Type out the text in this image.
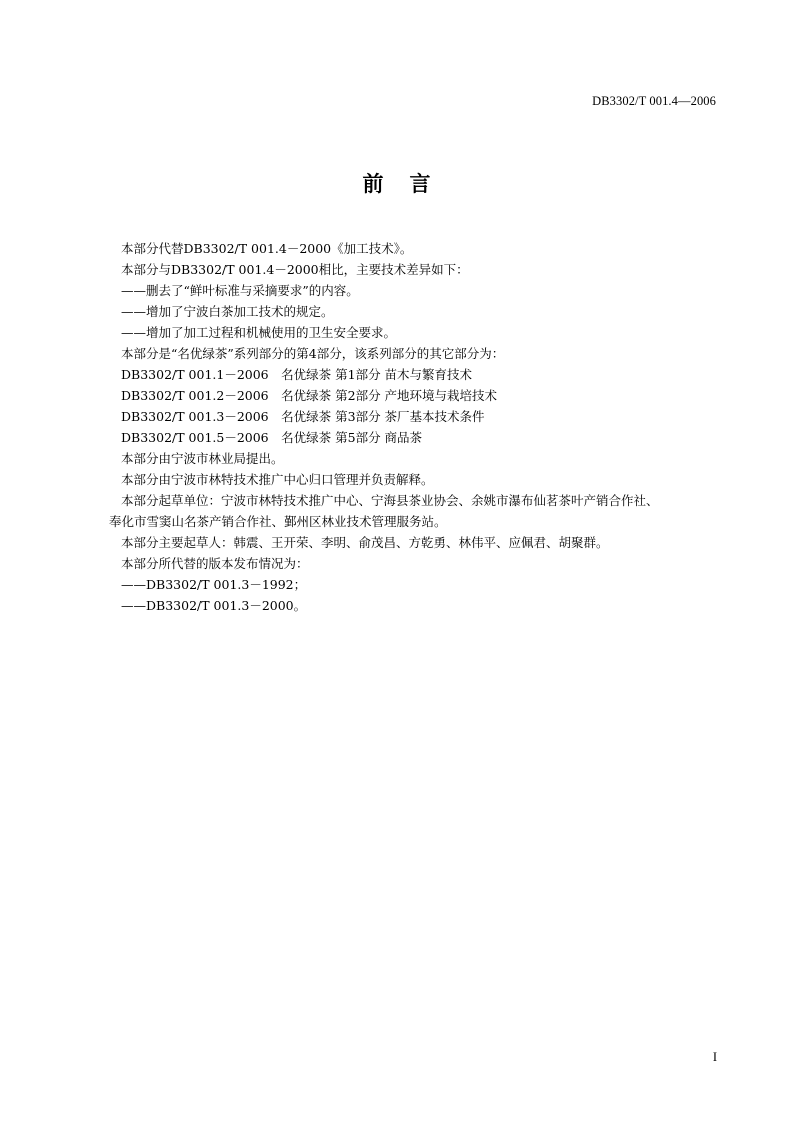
DB3302/T 001.4—2006
前言
本部分代替DB3302/T 001.4－2000《加工技术》。
本部分与DB3302/T 001.4－2000相比，主要技术差异如下：
——删去了“鲜叶标准与采摘要求”的内容。
——增加了宁波白茶加工技术的规定。
——增加了加工过程和机械使用的卫生安全要求。
本部分是“名优绿茶”系列部分的第4部分，该系列部分的其它部分为：
DB3302/T 001.1－2006　名优绿茶 第1部分 苗木与繁育技术
DB3302/T 001.2－2006　名优绿茶 第2部分 产地环境与栽培技术
DB3302/T 001.3－2006　名优绿茶 第3部分 茶厂基本技术条件
DB3302/T 001.5－2006　名优绿茶 第5部分 商品茶
本部分由宁波市林业局提出。
本部分由宁波市林特技术推广中心归口管理并负责解释。
本部分起草单位：宁波市林特技术推广中心、宁海县茶业协会、余姚市瀑布仙茗茶叶产销合作社、
奉化市雪窦山名茶产销合作社、鄞州区林业技术管理服务站。
本部分主要起草人：韩震、王开荣、李明、俞茂昌、方乾勇、林伟平、应佩君、胡聚群。
本部分所代替的版本发布情况为：
——DB3302/T 001.3－1992；
——DB3302/T 001.3－2000。
I
